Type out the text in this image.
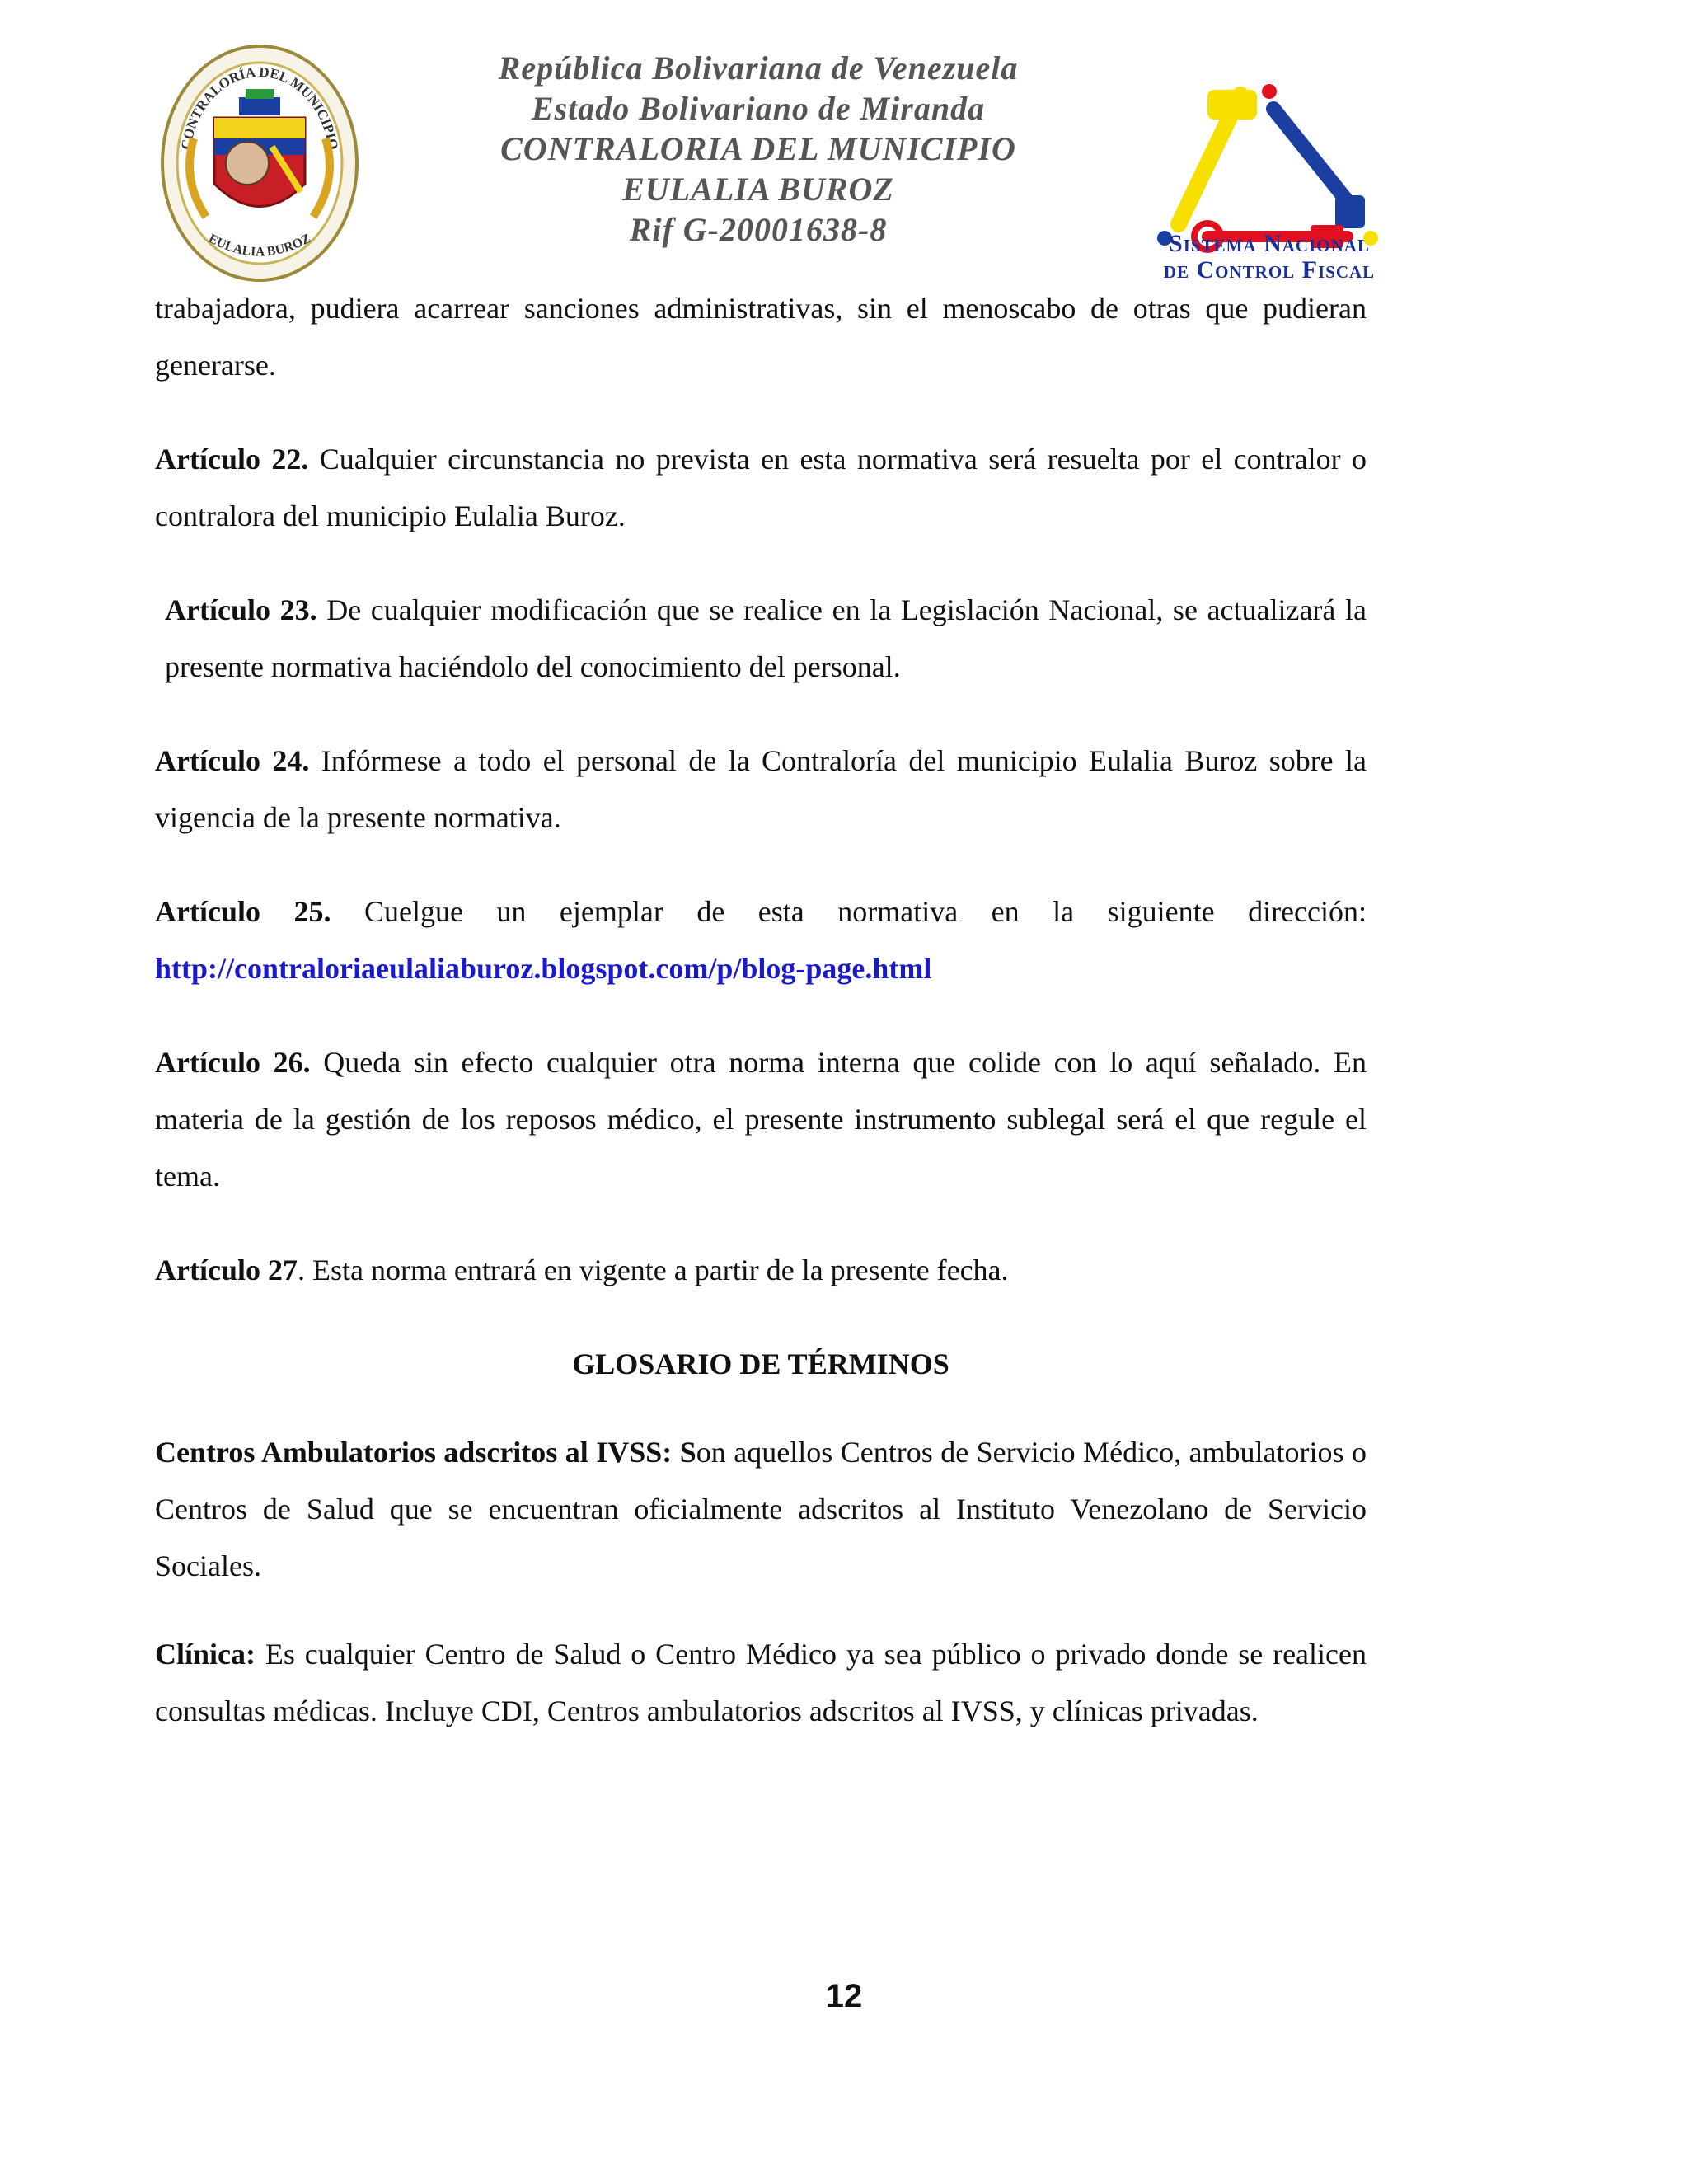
CONTRALORÍA DEL MUNICIPIO
EULALIA BUROZ
República Bolivariana de Venezuela
Estado Bolivariano de Miranda
CONTRALORIA DEL MUNICIPIO
EULALIA BUROZ
Rif G-20001638-8	Sistema Nacional
de Control Fiscal

trabajadora, pudiera acarrear sanciones administrativas, sin el menoscabo de otras que pudieran generarse.

Artículo 22. Cualquier circunstancia no prevista en esta normativa será resuelta por el contralor o contralora del municipio Eulalia Buroz.

Artículo 23. De cualquier modificación que se realice en la Legislación Nacional, se actualizará la presente normativa haciéndolo del conocimiento del personal.

Artículo 24. Infórmese a todo el personal de la Contraloría del municipio Eulalia Buroz sobre la vigencia de la presente normativa.

Artículo 25. Cuelgue un ejemplar de esta normativa en la siguiente dirección:

http://contraloriaeulaliaburoz.blogspot.com/p/blog-page.html

Artículo 26. Queda sin efecto cualquier otra norma interna que colide con lo aquí señalado. En materia de la gestión de los reposos médico, el presente instrumento sublegal será el que regule el tema.

Artículo 27. Esta norma entrará en vigente a partir de la presente fecha.

GLOSARIO DE TÉRMINOS

Centros Ambulatorios adscritos al IVSS: Son aquellos Centros de Servicio Médico, ambulatorios o Centros de Salud que se encuentran oficialmente adscritos al Instituto Venezolano de Servicio Sociales.

Clínica: Es cualquier Centro de Salud o Centro Médico ya sea público o privado donde se realicen consultas médicas. Incluye CDI, Centros ambulatorios adscritos al IVSS, y clínicas privadas.

12
